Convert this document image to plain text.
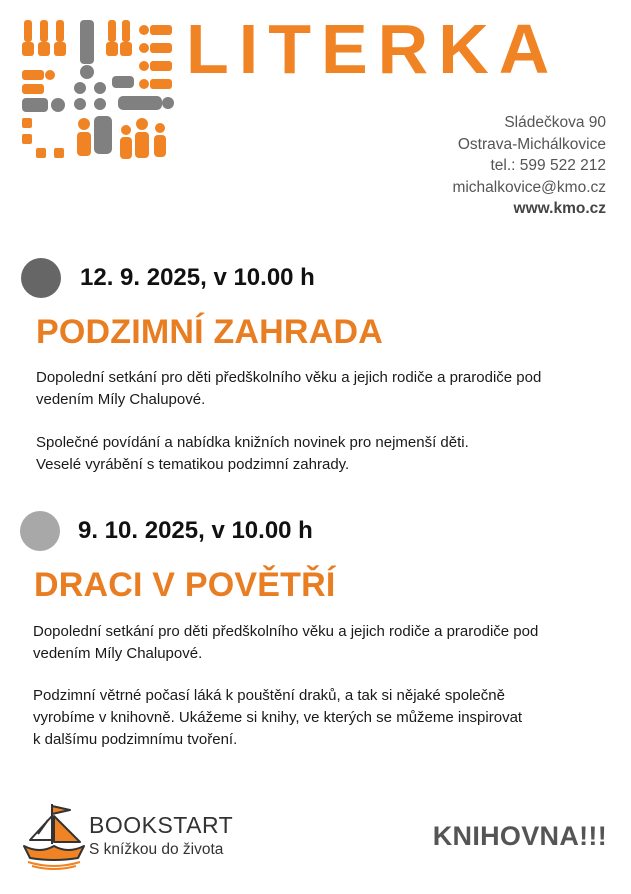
LITERKA
Sládečkova 90
Ostrava-Michálkovice
tel.: 599 522 212
michalkovice@kmo.cz
www.kmo.cz
12. 9. 2025, v 10.00 h
PODZIMNÍ ZAHRADA
Dopolední setkání pro děti předškolního věku a jejich rodiče a prarodiče pod
vedením Míly Chalupové.
Společné povídání a nabídka knižních novinek pro nejmenší děti.
Veselé vyrábění s tematikou podzimní zahrady.
9. 10. 2025, v 10.00 h
DRACI V POVĚTŘÍ
Dopolední setkání pro děti předškolního věku a jejich rodiče a prarodiče pod
vedením Míly Chalupové.
Podzimní větrné počasí láká k pouštění draků, a tak si nějaké společně
vyrobíme v knihovně. Ukážeme si knihy, ve kterých se můžeme inspirovat
k dalšímu podzimnímu tvoření.
BOOKSTART
S knížkou do života	KNIHOVNA!!!
